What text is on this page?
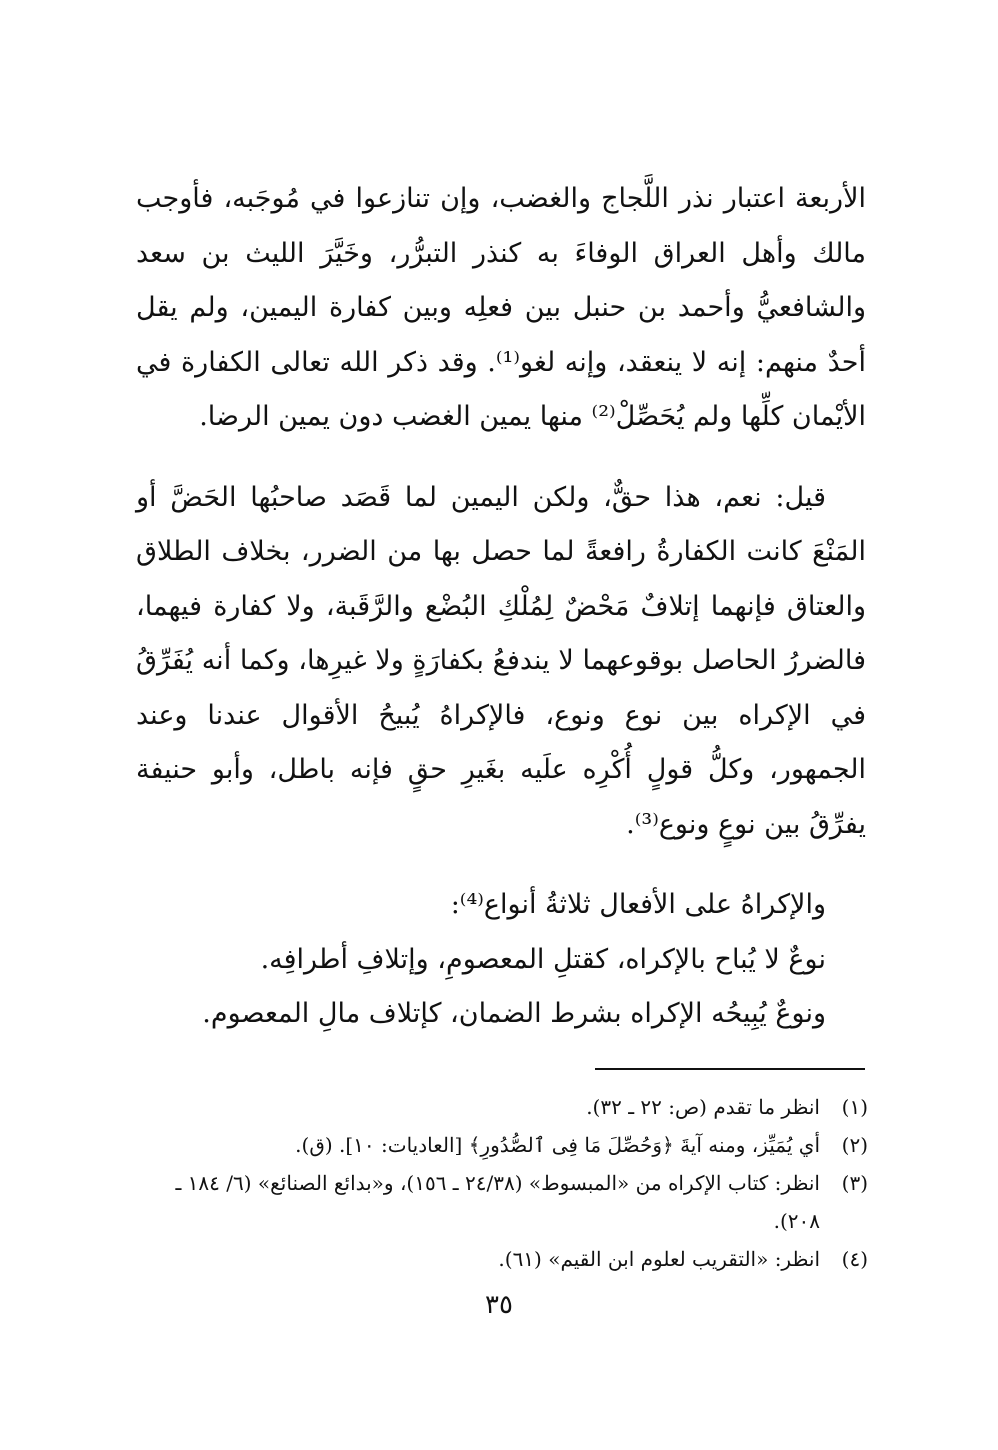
الأربعة اعتبار نذر اللَّجاج والغضب، وإن تنازعوا في مُوجَبه، فأوجب مالك وأهل العراق الوفاءَ به كنذر التبرُّر، وخَيَّرَ الليث بن سعد والشافعيُّ وأحمد بن حنبل بين فعلِه وبين كفارة اليمين، ولم يقل أحدٌ منهم: إنه لا ينعقد، وإنه لغو⁽¹⁾. وقد ذكر الله تعالى الكفارة في الأيْمان كلِّها ولم يُحَصِّلْ⁽²⁾ منها يمين الغضب دون يمين الرضا.

قيل: نعم، هذا حقٌّ، ولكن اليمين لما قَصَد صاحبُها الحَضَّ أو المَنْعَ كانت الكفارةُ رافعةً لما حصل بها من الضرر، بخلاف الطلاق والعتاق فإنهما إتلافٌ مَحْضٌ لِمُلْكِ البُضْع والرَّقَبة، ولا كفارة فيهما، فالضررُ الحاصل بوقوعهما لا يندفعُ بكفارَةٍ ولا غيرِها، وكما أنه يُفَرِّقُ في الإكراه بين نوع ونوع، فالإكراهُ يُبيحُ الأقوال عندنا وعند الجمهور، وكلُّ قولٍ أُكْرِه علَيه بغَيرِ حقٍ فإنه باطل، وأبو حنيفة يفرِّقُ بين نوعٍ ونوع⁽³⁾.

والإكراهُ على الأفعال ثلاثةُ أنواع⁽⁴⁾:

نوعٌ لا يُباح بالإكراه، كقتلِ المعصومِ، وإتلافِ أطرافِه.

ونوعٌ يُبِيحُه الإكراه بشرط الضمان، كإتلاف مالِ المعصوم.

(١)
انظر ما تقدم (ص: ٢٢ ـ ٣٢).
(٢)
أي يُمَيِّز، ومنه آيةَ ﴿وَحُصِّلَ مَا فِى ٱلصُّدُورِ﴾ [العاديات: ١٠]. (ق).
(٣)
انظر: كتاب الإكراه من «المبسوط» (٢٤/٣٨ ـ ١٥٦)، و«بدائع الصنائع» (٦/ ١٨٤ ـ ٢٠٨).
(٤)
انظر: «التقريب لعلوم ابن القيم» (٦١).
٣٥
